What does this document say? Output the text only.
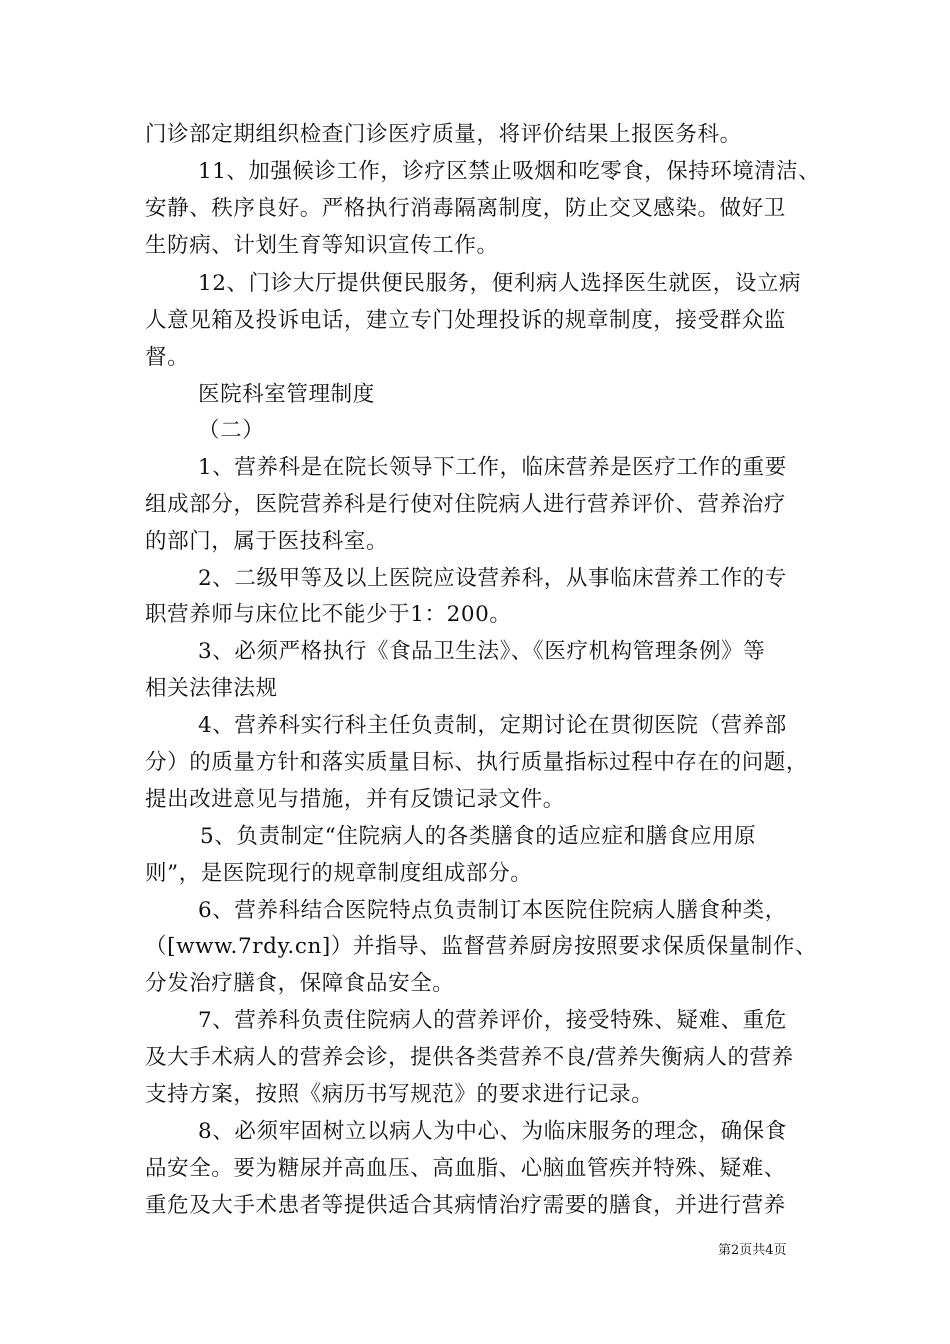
门诊部定期组织检查门诊医疗质量，将评价结果上报医务科。
11、加强候诊工作，诊疗区禁止吸烟和吃零食，保持环境清洁、
安静、秩序良好。严格执行消毒隔离制度，防止交叉感染。做好卫
生防病、计划生育等知识宣传工作。
12、门诊大厅提供便民服务，便利病人选择医生就医，设立病
人意见箱及投诉电话，建立专门处理投诉的规章制度，接受群众监
督。
医院科室管理制度
（二）
1、营养科是在院长领导下工作，临床营养是医疗工作的重要
组成部分，医院营养科是行使对住院病人进行营养评价、营养治疗
的部门，属于医技科室。
2、二级甲等及以上医院应设营养科，从事临床营养工作的专
职营养师与床位比不能少于1：200。
3、必须严格执行《食品卫生法》、《医疗机构管理条例》等
相关法律法规
4、营养科实行科主任负责制，定期讨论在贯彻医院（营养部
分）的质量方针和落实质量目标、执行质量指标过程中存在的问题，
提出改进意见与措施，并有反馈记录文件。
5、负责制定“住院病人的各类膳食的适应症和膳食应用原
则”，是医院现行的规章制度组成部分。
6、营养科结合医院特点负责制订本医院住院病人膳食种类，
（[www.7rdy.cn]）并指导、监督营养厨房按照要求保质保量制作、
分发治疗膳食，保障食品安全。
7、营养科负责住院病人的营养评价，接受特殊、疑难、重危
及大手术病人的营养会诊，提供各类营养不良/营养失衡病人的营养
支持方案，按照《病历书写规范》的要求进行记录。
8、必须牢固树立以病人为中心、为临床服务的理念，确保食
品安全。要为糖尿并高血压、高血脂、心脑血管疾并特殊、疑难、
重危及大手术患者等提供适合其病情治疗需要的膳食，并进行营养
第2页共4页
